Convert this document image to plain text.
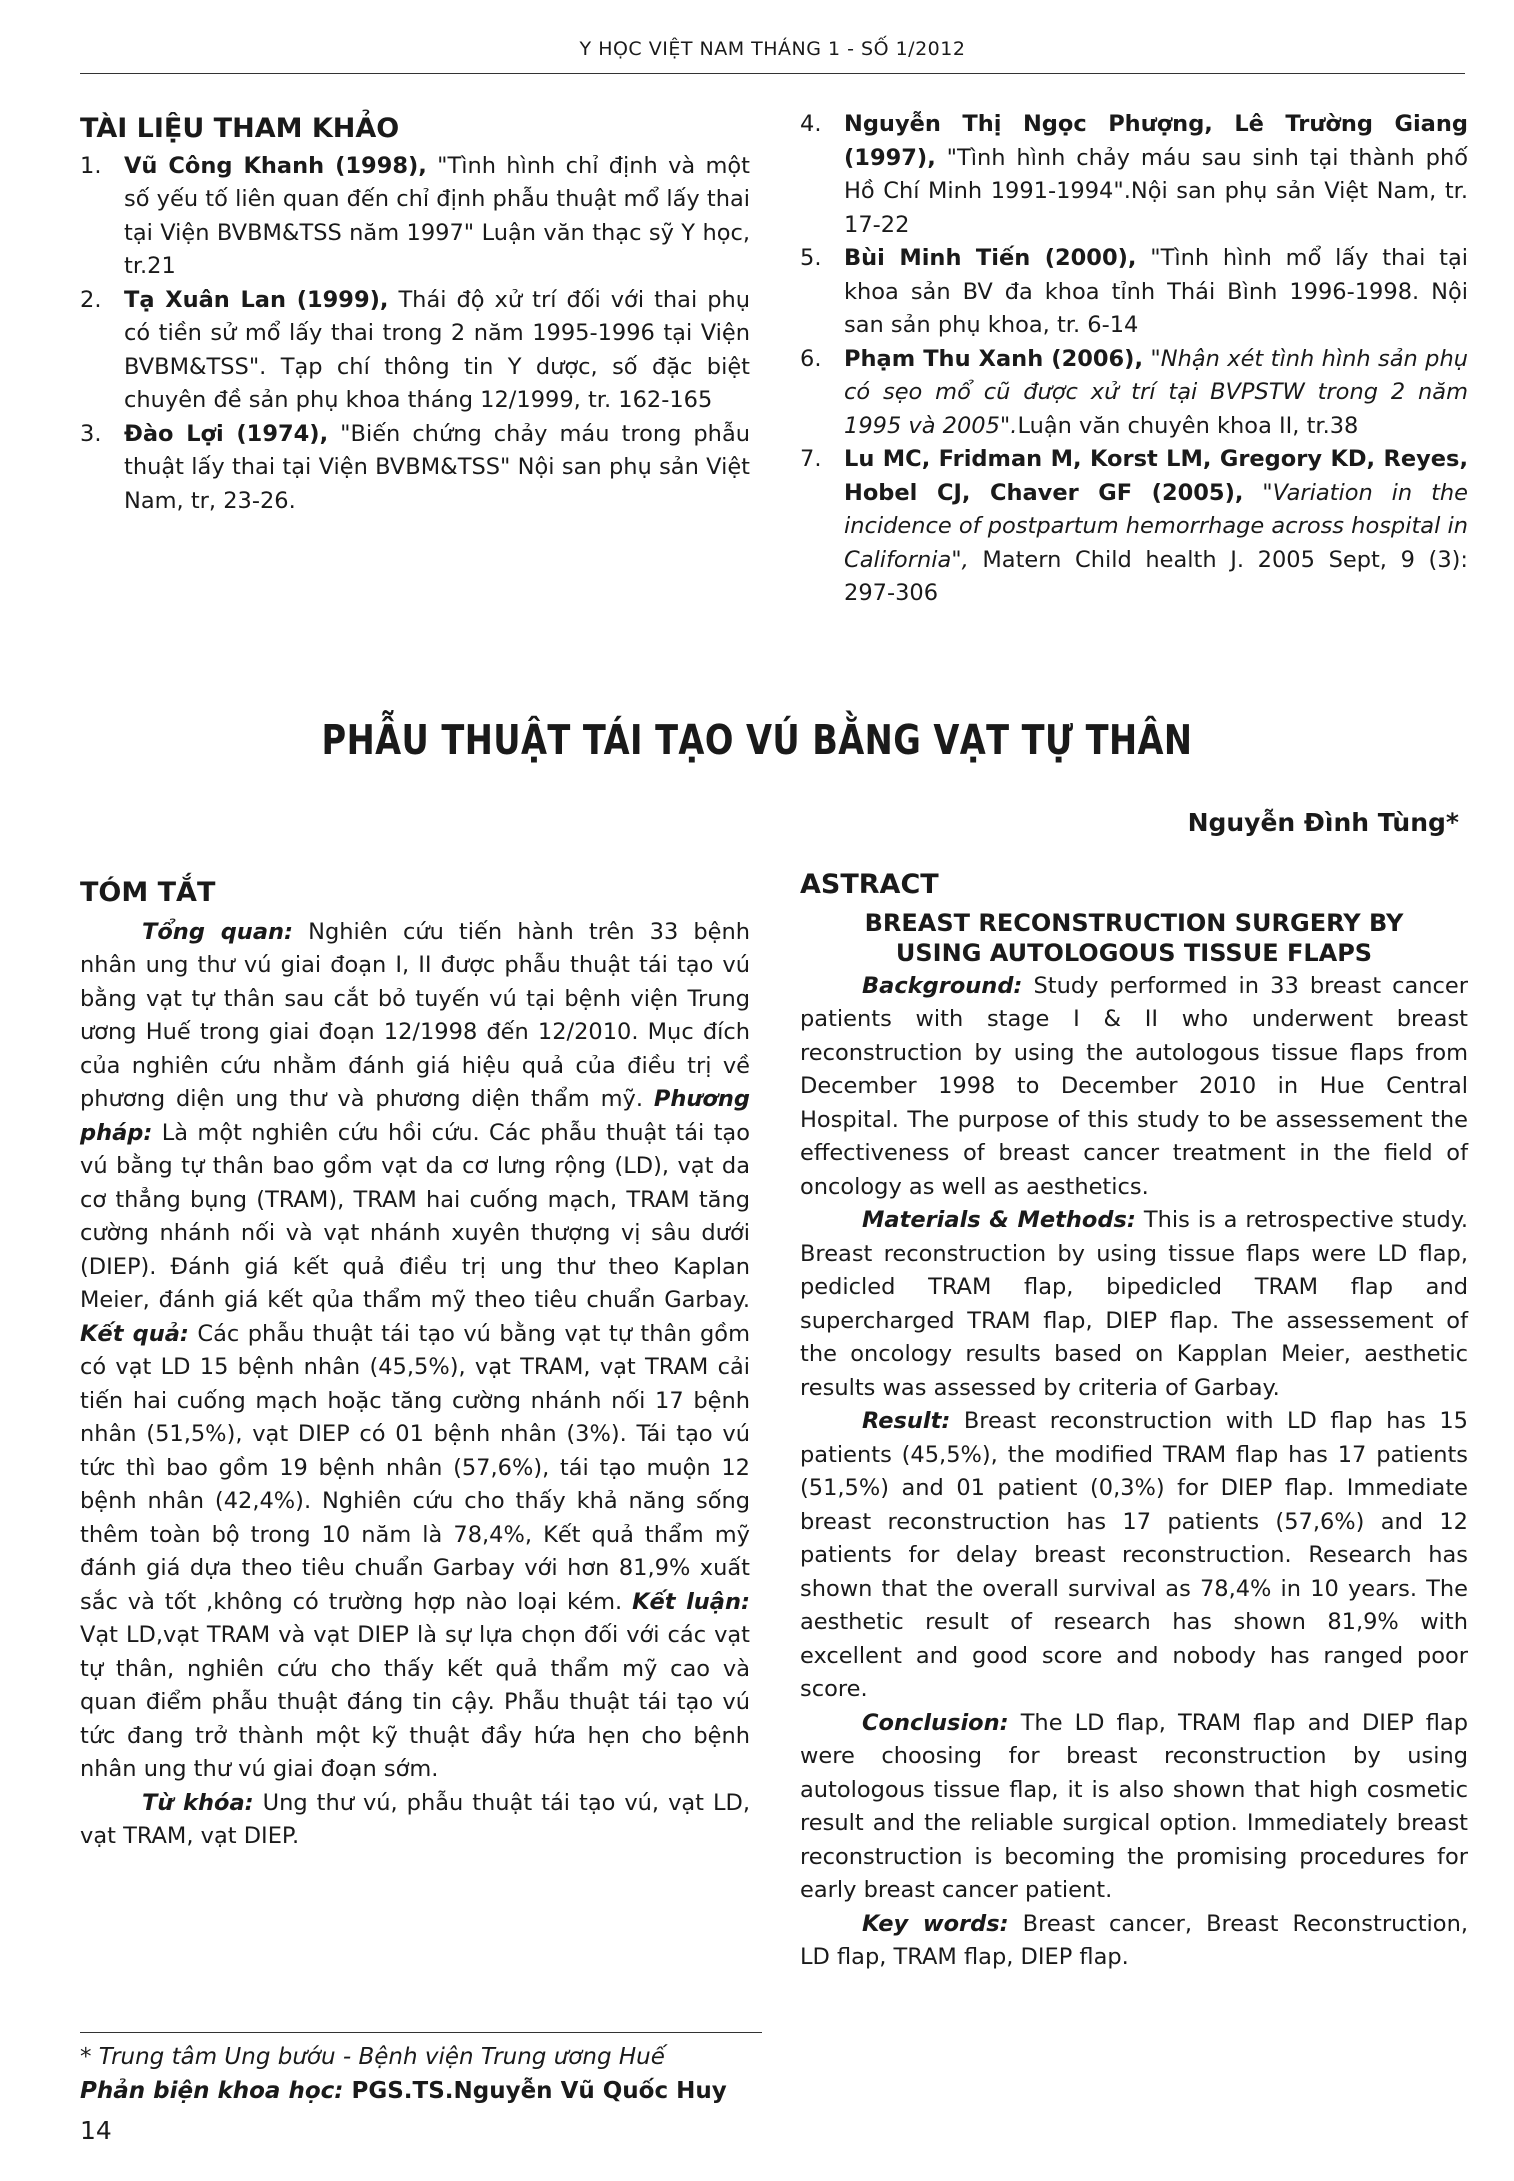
Y HỌC VIỆT NAM THÁNG 1 - SỐ 1/2012
TÀI LIỆU THAM KHẢO
1.	Vũ Công Khanh (1998), "Tình hình chỉ định và một số yếu tố liên quan đến chỉ định phẫu thuật mổ lấy thai tại Viện BVBM&TSS năm 1997" Luận văn thạc sỹ Y học, tr.21
2.	Tạ Xuân Lan (1999), Thái độ xử trí đối với thai phụ có tiền sử mổ lấy thai trong 2 năm 1995-1996 tại Viện BVBM&TSS". Tạp chí thông tin Y dược, số đặc biệt chuyên đề sản phụ khoa tháng 12/1999, tr. 162-165
3.	Đào Lợi (1974), "Biến chứng chảy máu trong phẫu thuật lấy thai tại Viện BVBM&TSS" Nội san phụ sản Việt Nam, tr, 23-26.
4.	Nguyễn Thị Ngọc Phượng, Lê Trường Giang (1997), "Tình hình chảy máu sau sinh tại thành phố Hồ Chí Minh 1991-1994".Nội san phụ sản Việt Nam, tr. 17-22
5.	Bùi Minh Tiến (2000), "Tình hình mổ lấy thai tại khoa sản BV đa khoa tỉnh Thái Bình 1996-1998. Nội san sản phụ khoa, tr. 6-14
6.	Phạm Thu Xanh (2006), "Nhận xét tình hình sản phụ có sẹo mổ cũ được xử trí tại BVPSTW trong 2 năm 1995 và 2005".Luận văn chuyên khoa II, tr.38
7.	Lu MC, Fridman M, Korst LM, Gregory KD, Reyes, Hobel CJ, Chaver GF (2005), "Variation in the incidence of postpartum hemorrhage across hospital in California", Matern Child health J. 2005 Sept, 9 (3): 297-306
PHẪU THUẬT TÁI TẠO VÚ BẰNG VẠT TỰ THÂN
Nguyễn Đình Tùng*
TÓM TẮT

Tổng quan: Nghiên cứu tiến hành trên 33 bệnh nhân ung thư vú giai đoạn I, II được phẫu thuật tái tạo vú bằng vạt tự thân sau cắt bỏ tuyến vú tại bệnh viện Trung ương Huế trong giai đoạn 12/1998 đến 12/2010. Mục đích của nghiên cứu nhằm đánh giá hiệu quả của điều trị về phương diện ung thư và phương diện thẩm mỹ. Phương pháp: Là một nghiên cứu hồi cứu. Các phẫu thuật tái tạo vú bằng tự thân bao gồm vạt da cơ lưng rộng (LD), vạt da cơ thẳng bụng (TRAM), TRAM hai cuống mạch, TRAM tăng cường nhánh nối và vạt nhánh xuyên thượng vị sâu dưới (DIEP). Đánh giá kết quả điều trị ung thư theo Kaplan Meier, đánh giá kết qủa thẩm mỹ theo tiêu chuẩn Garbay. Kết quả: Các phẫu thuật tái tạo vú bằng vạt tự thân gồm có vạt LD 15 bệnh nhân (45,5%), vạt TRAM, vạt TRAM cải tiến hai cuống mạch hoặc tăng cường nhánh nối 17 bệnh nhân (51,5%), vạt DIEP có 01 bệnh nhân (3%). Tái tạo vú tức thì bao gồm 19 bệnh nhân (57,6%), tái tạo muộn 12 bệnh nhân (42,4%). Nghiên cứu cho thấy khả năng sống thêm toàn bộ trong 10 năm là 78,4%, Kết quả thẩm mỹ đánh giá dựa theo tiêu chuẩn Garbay với hơn 81,9% xuất sắc và tốt ,không có trường hợp nào loại kém. Kết luận: Vạt LD,vạt TRAM và vạt DIEP là sự lựa chọn đối với các vạt tự thân, nghiên cứu cho thấy kết quả thẩm mỹ cao và quan điểm phẫu thuật đáng tin cậy. Phẫu thuật tái tạo vú tức đang trở thành một kỹ thuật đầy hứa hẹn cho bệnh nhân ung thư vú giai đoạn sớm.

Từ khóa: Ung thư vú, phẫu thuật tái tạo vú, vạt LD, vạt TRAM, vạt DIEP.

ASTRACT
BREAST RECONSTRUCTION SURGERY BY
USING AUTOLOGOUS TISSUE FLAPS

Background: Study performed in 33 breast cancer patients with stage I & II who underwent breast reconstruction by using the autologous tissue flaps from December 1998 to December 2010 in Hue Central Hospital. The purpose of this study to be assessement the effectiveness of breast cancer treatment in the field of oncology as well as aesthetics.

Materials & Methods: This is a retrospective study. Breast reconstruction by using tissue flaps were LD flap, pedicled TRAM flap, bipedicled TRAM flap and supercharged TRAM flap, DIEP flap. The assessement of the oncology results based on Kapplan Meier, aesthetic results was assessed by criteria of Garbay.

Result: Breast reconstruction with LD flap has 15 patients (45,5%), the modified TRAM flap has 17 patients (51,5%) and 01 patient (0,3%) for DIEP flap. Immediate breast reconstruction has 17 patients (57,6%) and 12 patients for delay breast reconstruction. Research has shown that the overall survival as 78,4% in 10 years. The aesthetic result of research has shown 81,9% with excellent and good score and nobody has ranged poor score.

Conclusion: The LD flap, TRAM flap and DIEP flap were choosing for breast reconstruction by using autologous tissue flap, it is also shown that high cosmetic result and the reliable surgical option. Immediately breast reconstruction is becoming the promising procedures for early breast cancer patient.

Key words: Breast cancer, Breast Reconstruction, LD flap, TRAM flap, DIEP flap.

* Trung tâm Ung bướu - Bệnh viện Trung ương Huế
Phản biện khoa học: PGS.TS.Nguyễn Vũ Quốc Huy
14
